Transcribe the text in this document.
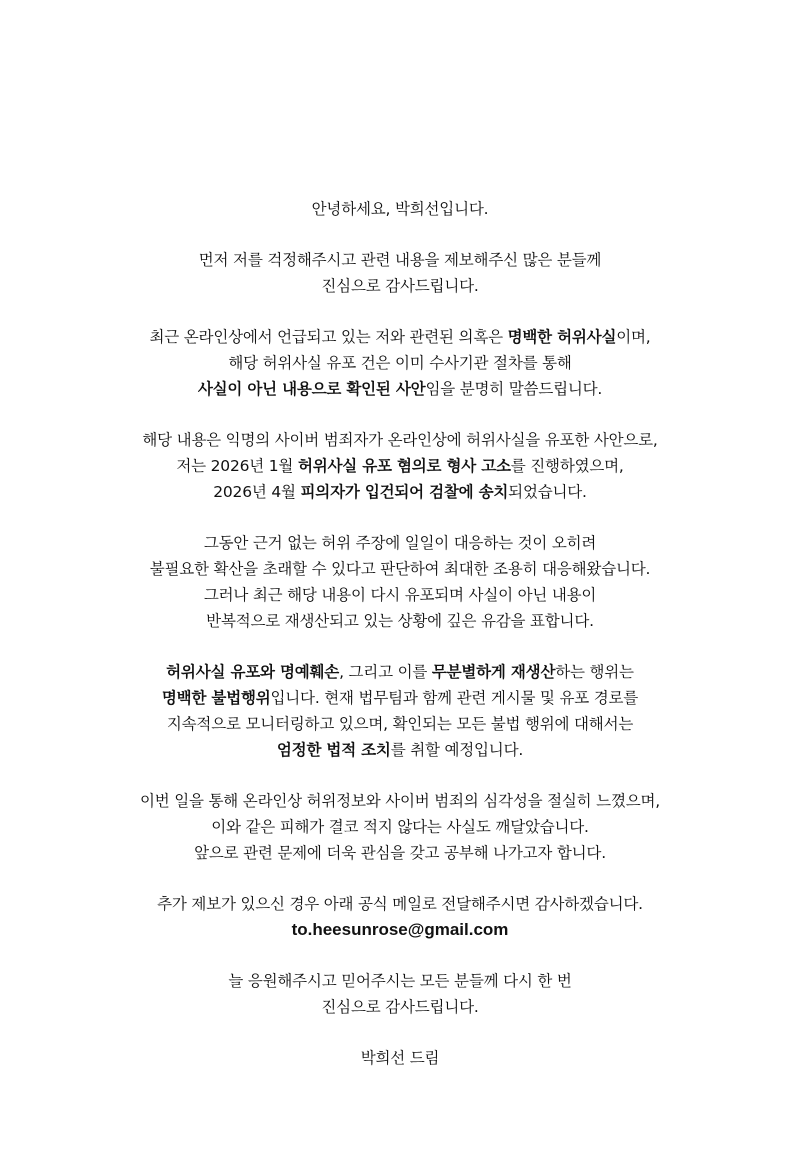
안녕하세요, 박희선입니다.

먼저 저를 걱정해주시고 관련 내용을 제보해주신 많은 분들께
진심으로 감사드립니다.

최근 온라인상에서 언급되고 있는 저와 관련된 의혹은 명백한 허위사실이며,
해당 허위사실 유포 건은 이미 수사기관 절차를 통해
사실이 아닌 내용으로 확인된 사안임을 분명히 말씀드립니다.

해당 내용은 익명의 사이버 범죄자가 온라인상에 허위사실을 유포한 사안으로,
저는 2026년 1월 허위사실 유포 혐의로 형사 고소를 진행하였으며,
2026년 4월 피의자가 입건되어 검찰에 송치되었습니다.

그동안 근거 없는 허위 주장에 일일이 대응하는 것이 오히려
불필요한 확산을 초래할 수 있다고 판단하여 최대한 조용히 대응해왔습니다.
그러나 최근 해당 내용이 다시 유포되며 사실이 아닌 내용이
반복적으로 재생산되고 있는 상황에 깊은 유감을 표합니다.

허위사실 유포와 명예훼손, 그리고 이를 무분별하게 재생산하는 행위는
명백한 불법행위입니다. 현재 법무팀과 함께 관련 게시물 및 유포 경로를
지속적으로 모니터링하고 있으며, 확인되는 모든 불법 행위에 대해서는
엄정한 법적 조치를 취할 예정입니다.

이번 일을 통해 온라인상 허위정보와 사이버 범죄의 심각성을 절실히 느꼈으며,
이와 같은 피해가 결코 적지 않다는 사실도 깨달았습니다.
앞으로 관련 문제에 더욱 관심을 갖고 공부해 나가고자 합니다.

추가 제보가 있으신 경우 아래 공식 메일로 전달해주시면 감사하겠습니다.
to.heesunrose@gmail.com

늘 응원해주시고 믿어주시는 모든 분들께 다시 한 번
진심으로 감사드립니다.

박희선 드림
